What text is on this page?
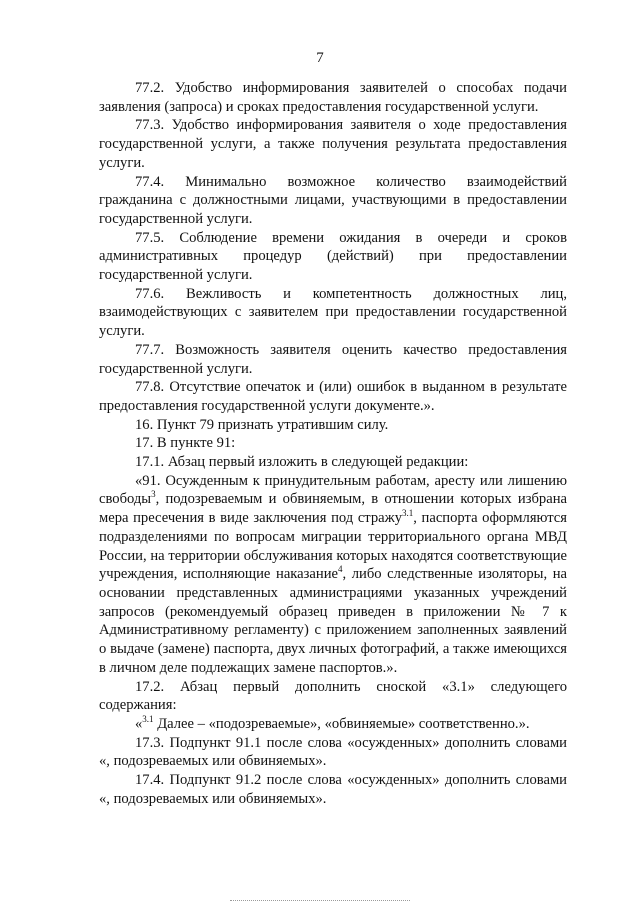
7

77.2. Удобство информирования заявителей о способах подачи заявления (запроса) и сроках предоставления государственной услуги.

77.3. Удобство информирования заявителя о ходе предоставления государственной услуги, а также получения результата предоставления услуги.

77.4. Минимально возможное количество взаимодействий гражданина с должностными лицами, участвующими в предоставлении государственной услуги.

77.5. Соблюдение времени ожидания в очереди и сроков административных процедур (действий) при предоставлении государственной услуги.

77.6. Вежливость и компетентность должностных лиц, взаимодействующих с заявителем при предоставлении государственной услуги.

77.7. Возможность заявителя оценить качество предоставления государственной услуги.

77.8. Отсутствие опечаток и (или) ошибок в выданном в результате предоставления государственной услуги документе.».

16. Пункт 79 признать утратившим силу.

17. В пункте 91:

17.1. Абзац первый изложить в следующей редакции:

«91. Осужденным к принудительным работам, аресту или лишению свободы$^3$, подозреваемым и обвиняемым, в отношении которых избрана мера пресечения в виде заключения под стражу$^{3.1}$, паспорта оформляются подразделениями по вопросам миграции территориального органа МВД России, на территории обслуживания которых находятся соответствующие учреждения, исполняющие наказание$^4$, либо следственные изоляторы, на основании представленных администрациями указанных учреждений запросов (рекомендуемый образец приведен в приложении № 7 к Административному регламенту) с приложением заполненных заявлений о выдаче (замене) паспорта, двух личных фотографий, а также имеющихся в личном деле подлежащих замене паспортов.».

17.2. Абзац первый дополнить сноской «3.1» следующего содержания:

«$^{3.1}$ Далее – «подозреваемые», «обвиняемые» соответственно.».

17.3. Подпункт 91.1 после слова «осужденных» дополнить словами «, подозреваемых или обвиняемых».

17.4. Подпункт 91.2 после слова «осужденных» дополнить словами «, подозреваемых или обвиняемых».
